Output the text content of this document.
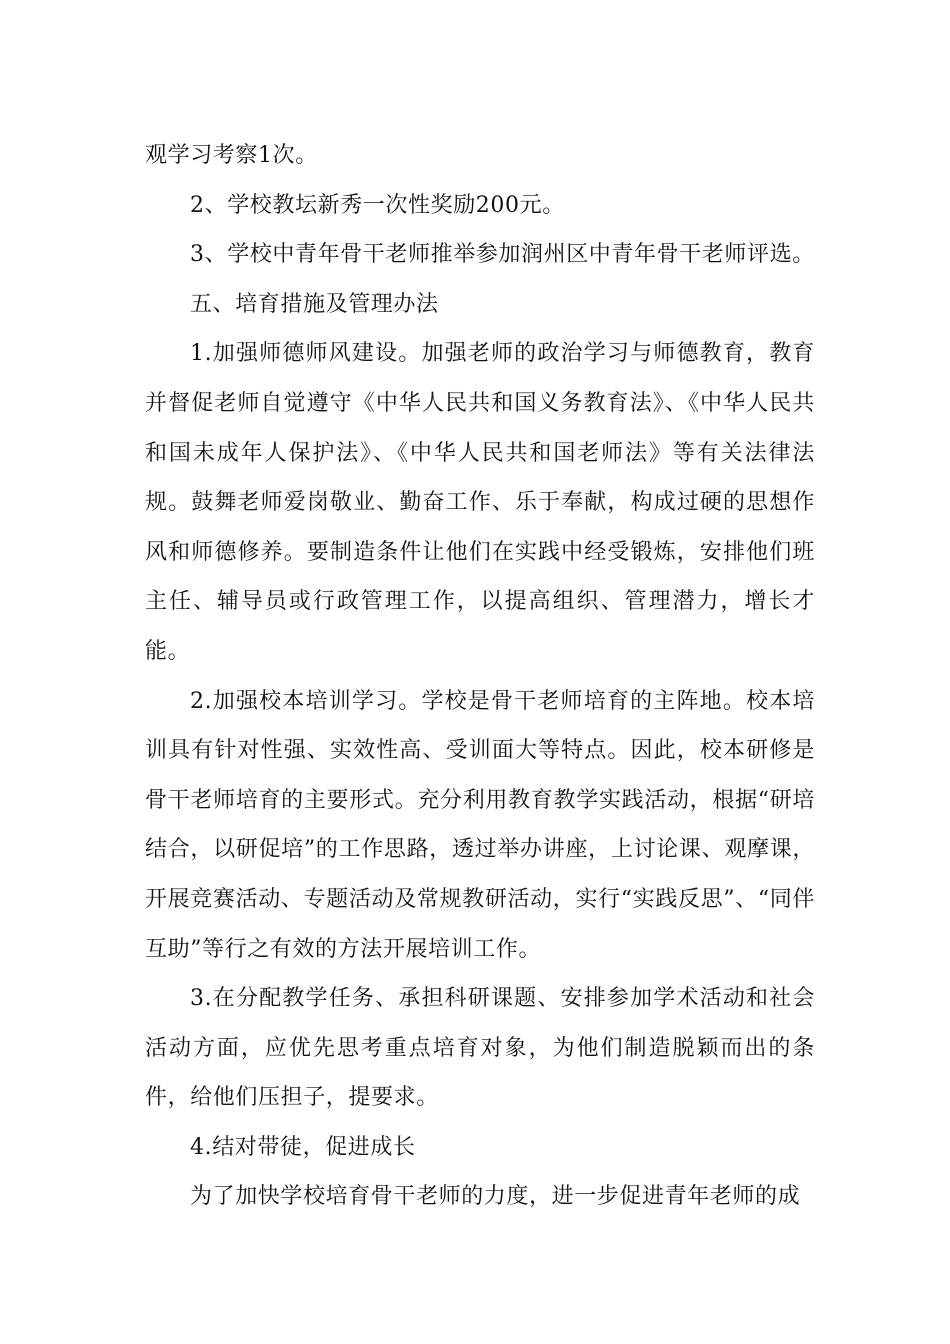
观学习考察1次。

2、学校教坛新秀一次性奖励200元。

3、学校中青年骨干老师推举参加润州区中青年骨干老师评选。

五、培育措施及管理办法

1.加强师德师风建设。加强老师的政治学习与师德教育，教育并督促老师自觉遵守《中华人民共和国义务教育法》、《中华人民共和国未成年人保护法》、《中华人民共和国老师法》等有关法律法规。鼓舞老师爱岗敬业、勤奋工作、乐于奉献，构成过硬的思想作风和师德修养。要制造条件让他们在实践中经受锻炼，安排他们班主任、辅导员或行政管理工作，以提高组织、管理潜力，增长才能。

2.加强校本培训学习。学校是骨干老师培育的主阵地。校本培训具有针对性强、实效性高、受训面大等特点。因此，校本研修是骨干老师培育的主要形式。充分利用教育教学实践活动，根据“研培结合，以研促培”的工作思路，透过举办讲座，上讨论课、观摩课，开展竞赛活动、专题活动及常规教研活动，实行“实践反思”、“同伴互助”等行之有效的方法开展培训工作。

3.在分配教学任务、承担科研课题、安排参加学术活动和社会活动方面，应优先思考重点培育对象，为他们制造脱颖而出的条件，给他们压担子，提要求。

4.结对带徒，促进成长

为了加快学校培育骨干老师的力度，进一步促进青年老师的成
